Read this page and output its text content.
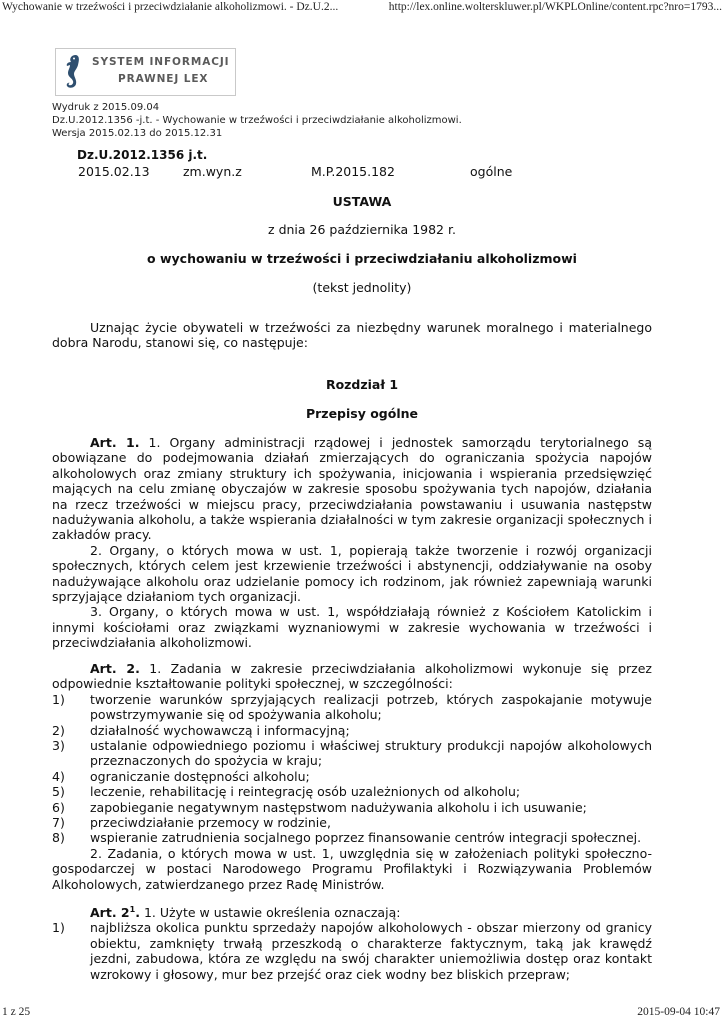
Wychowanie w trzeźwości i przeciwdziałanie alkoholizmowi. - Dz.U.2...	http://lex.online.wolterskluwer.pl/WKPLOnline/content.rpc?nro=1793...
SYSTEM INFORMACJI
PRAWNEJ LEX
Wydruk z 2015.09.04
Dz.U.2012.1356 -j.t. - Wychowanie w trzeźwości i przeciwdziałanie alkoholizmowi.
Wersja 2015.02.13 do 2015.12.31
Dz.U.2012.1356 j.t.
2015.02.13	zm.wyn.z	M.P.2015.182	ogólne
USTAWA
z dnia 26 października 1982 r.
o wychowaniu w trzeźwości i przeciwdziałaniu alkoholizmowi
(tekst jednolity)

Uznając życie obywateli w trzeźwości za niezbędny warunek moralnego i materialnego dobra Narodu, stanowi się, co następuje:

Rozdział 1
Przepisy ogólne

Art. 1. 1. Organy administracji rządowej i jednostek samorządu terytorialnego są obowiązane do podejmowania działań zmierzających do ograniczania spożycia napojów alkoholowych oraz zmiany struktury ich spożywania, inicjowania i wspierania przedsięwzięć mających na celu zmianę obyczajów w zakresie sposobu spożywania tych napojów, działania na rzecz trzeźwości w miejscu pracy, przeciwdziałania powstawaniu i usuwania następstw nadużywania alkoholu, a także wspierania działalności w tym zakresie organizacji społecznych i zakładów pracy.

2. Organy, o których mowa w ust. 1, popierają także tworzenie i rozwój organizacji społecznych, których celem jest krzewienie trzeźwości i abstynencji, oddziaływanie na osoby nadużywające alkoholu oraz udzielanie pomocy ich rodzinom, jak również zapewniają warunki sprzyjające działaniom tych organizacji.

3. Organy, o których mowa w ust. 1, współdziałają również z Kościołem Katolickim i innymi kościołami oraz związkami wyznaniowymi w zakresie wychowania w trzeźwości i przeciwdziałania alkoholizmowi.

Art. 2. 1. Zadania w zakresie przeciwdziałania alkoholizmowi wykonuje się przez odpowiednie kształtowanie polityki społecznej, w szczególności:

1)	tworzenie warunków sprzyjających realizacji potrzeb, których zaspokajanie motywuje powstrzymywanie się od spożywania alkoholu;
2)	działalność wychowawczą i informacyjną;
3)	ustalanie odpowiedniego poziomu i właściwej struktury produkcji napojów alkoholowych przeznaczonych do spożycia w kraju;
4)	ograniczanie dostępności alkoholu;
5)	leczenie, rehabilitację i reintegrację osób uzależnionych od alkoholu;
6)	zapobieganie negatywnym następstwom nadużywania alkoholu i ich usuwanie;
7)	przeciwdziałanie przemocy w rodzinie,
8)	wspieranie zatrudnienia socjalnego poprzez finansowanie centrów integracji społecznej.

2. Zadania, o których mowa w ust. 1, uwzględnia się w założeniach polityki społeczno-gospodarczej w postaci Narodowego Programu Profilaktyki i Rozwiązywania Problemów Alkoholowych, zatwierdzanego przez Radę Ministrów.

Art. $2^1$. 1. Użyte w ustawie określenia oznaczają:

1)	najbliższa okolica punktu sprzedaży napojów alkoholowych - obszar mierzony od granicy obiektu, zamknięty trwałą przeszkodą o charakterze faktycznym, taką jak krawędź jezdni, zabudowa, która ze względu na swój charakter uniemożliwia dostęp oraz kontakt wzrokowy i głosowy, mur bez przejść oraz ciek wodny bez bliskich przepraw;
1 z 25	2015-09-04 10:47
